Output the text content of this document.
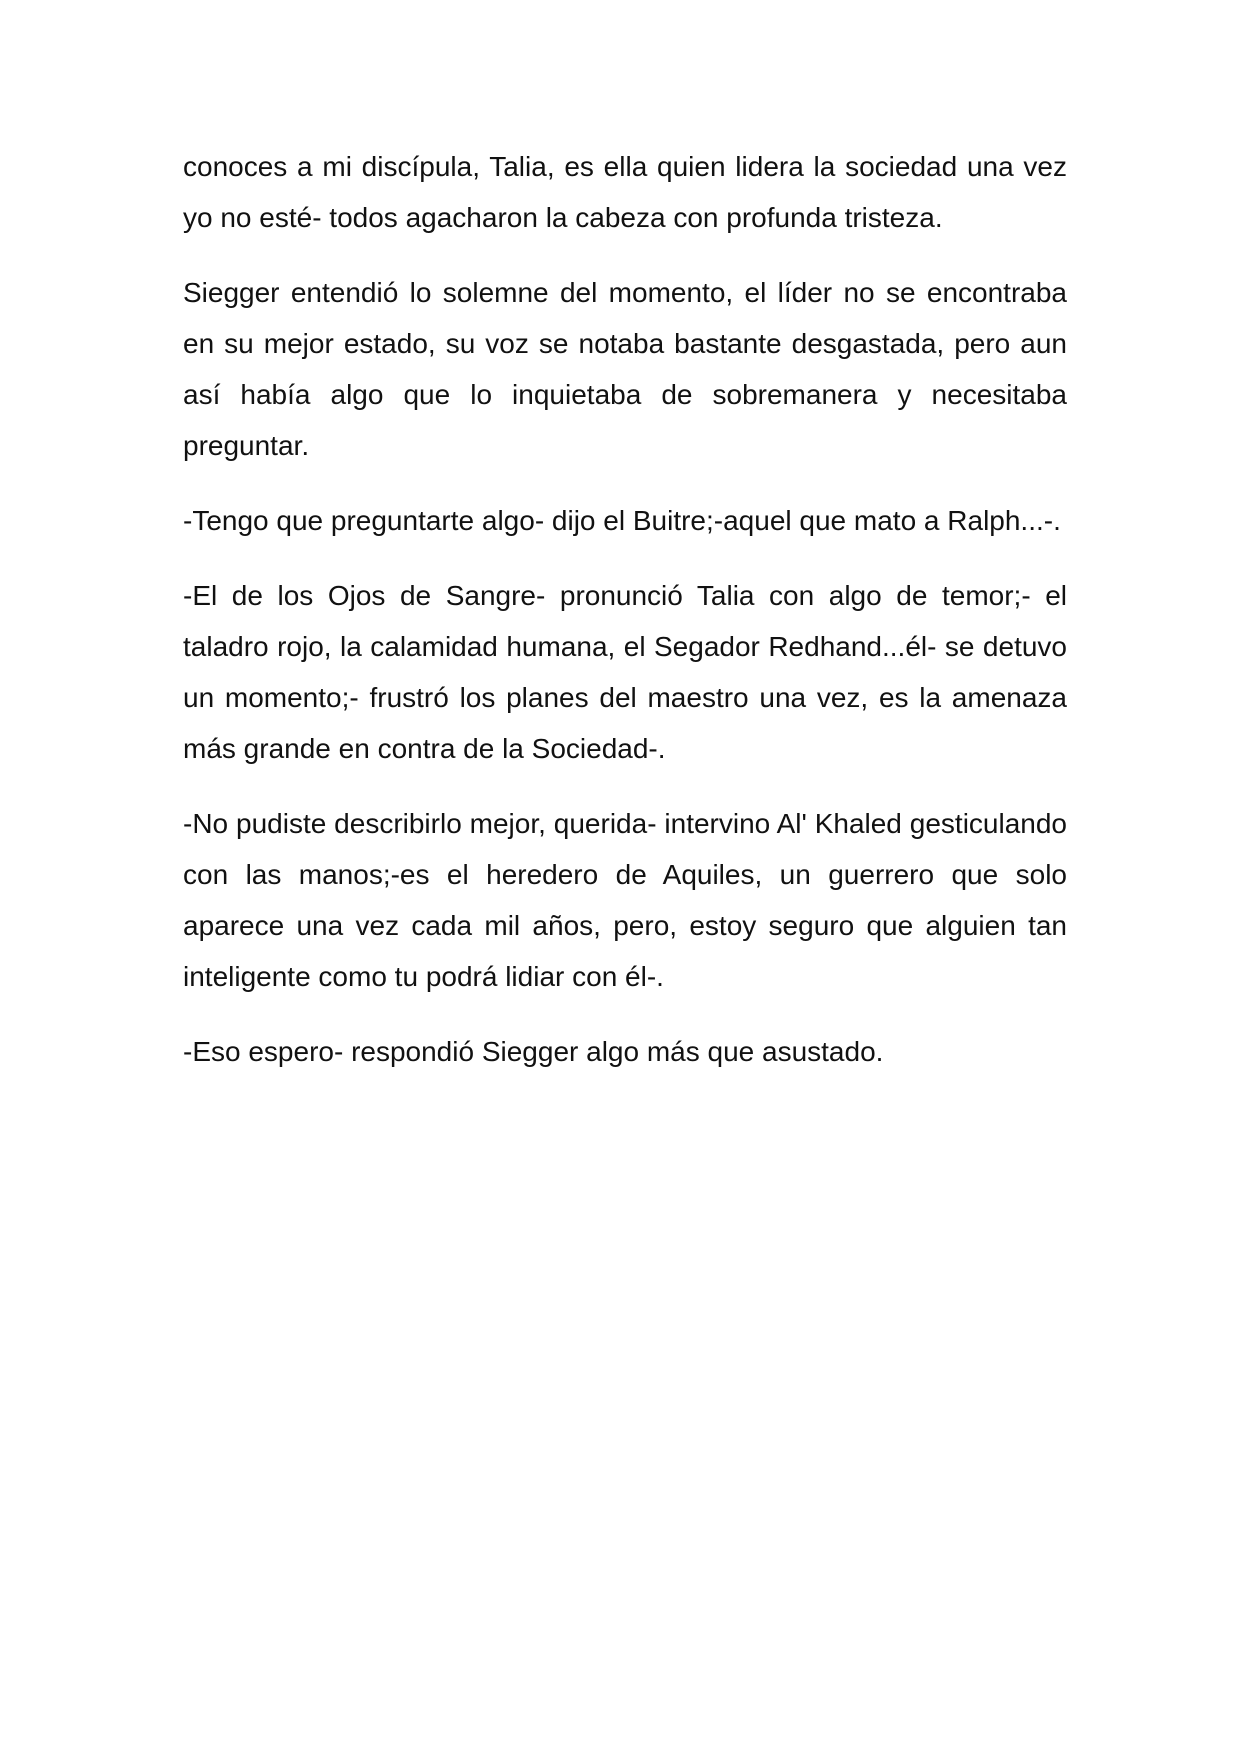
conoces a mi discípula, Talia, es ella quien lidera la sociedad una vez yo no esté- todos agacharon la cabeza con profunda tristeza.

Siegger entendió lo solemne del momento, el líder no se encontraba en su mejor estado, su voz se notaba bastante desgastada, pero aun así había algo que lo inquietaba de sobremanera y necesitaba preguntar.

-Tengo que preguntarte algo- dijo el Buitre;-aquel que mato a Ralph...-.

-El de los Ojos de Sangre- pronunció Talia con algo de temor;- el taladro rojo, la calamidad humana, el Segador Redhand...él- se detuvo un momento;- frustró los planes del maestro una vez, es la amenaza más grande en contra de la Sociedad-.

-No pudiste describirlo mejor, querida- intervino Al' Khaled gesticulando con las manos;-es el heredero de Aquiles, un guerrero que solo aparece una vez cada mil años, pero, estoy seguro que alguien tan inteligente como tu podrá lidiar con él-.

-Eso espero- respondió Siegger algo más que asustado.
